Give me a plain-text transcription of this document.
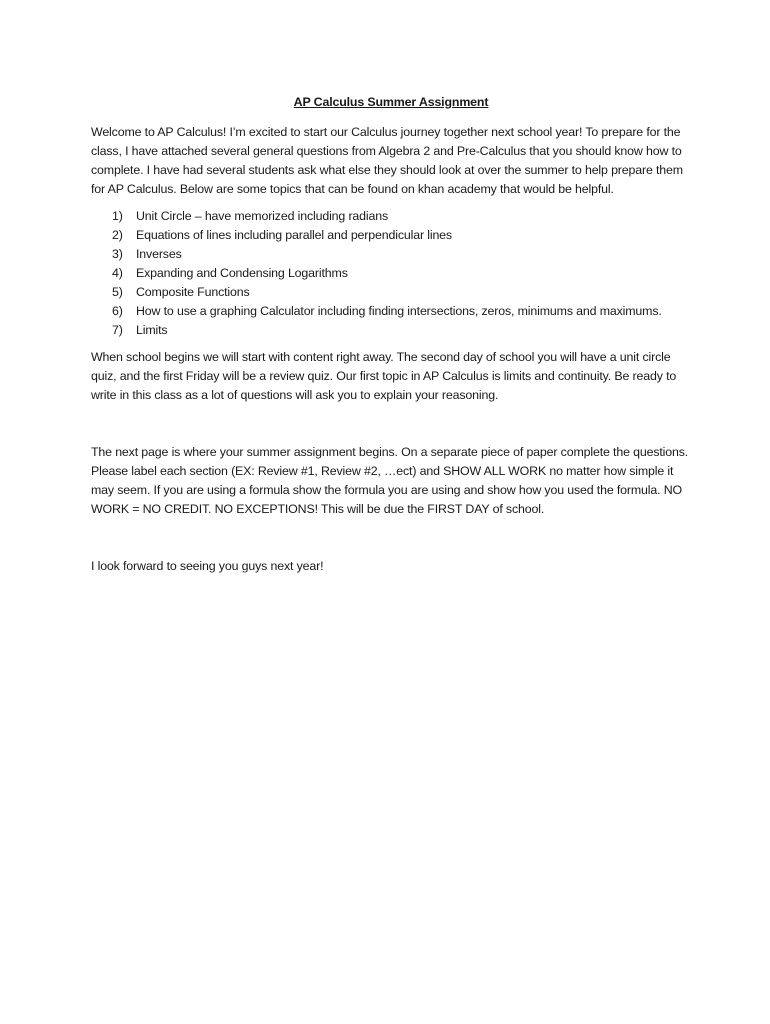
AP Calculus Summer Assignment

Welcome to AP Calculus! I’m excited to start our Calculus journey together next school year! To prepare for the class, I have attached several general questions from Algebra 2 and Pre-Calculus that you should know how to complete. I have had several students ask what else they should look at over the summer to help prepare them for AP Calculus. Below are some topics that can be found on khan academy that would be helpful.

1) Unit Circle – have memorized including radians
2) Equations of lines including parallel and perpendicular lines
3) Inverses
4) Expanding and Condensing Logarithms
5) Composite Functions
6) How to use a graphing Calculator including finding intersections, zeros, minimums and maximums.
7) Limits

When school begins we will start with content right away. The second day of school you will have a unit circle quiz, and the first Friday will be a review quiz. Our first topic in AP Calculus is limits and continuity. Be ready to write in this class as a lot of questions will ask you to explain your reasoning.

The next page is where your summer assignment begins. On a separate piece of paper complete the questions. Please label each section (EX: Review #1, Review #2, …ect) and SHOW ALL WORK no matter how simple it may seem. If you are using a formula show the formula you are using and show how you used the formula. NO WORK = NO CREDIT. NO EXCEPTIONS! This will be due the FIRST DAY of school.

I look forward to seeing you guys next year!
